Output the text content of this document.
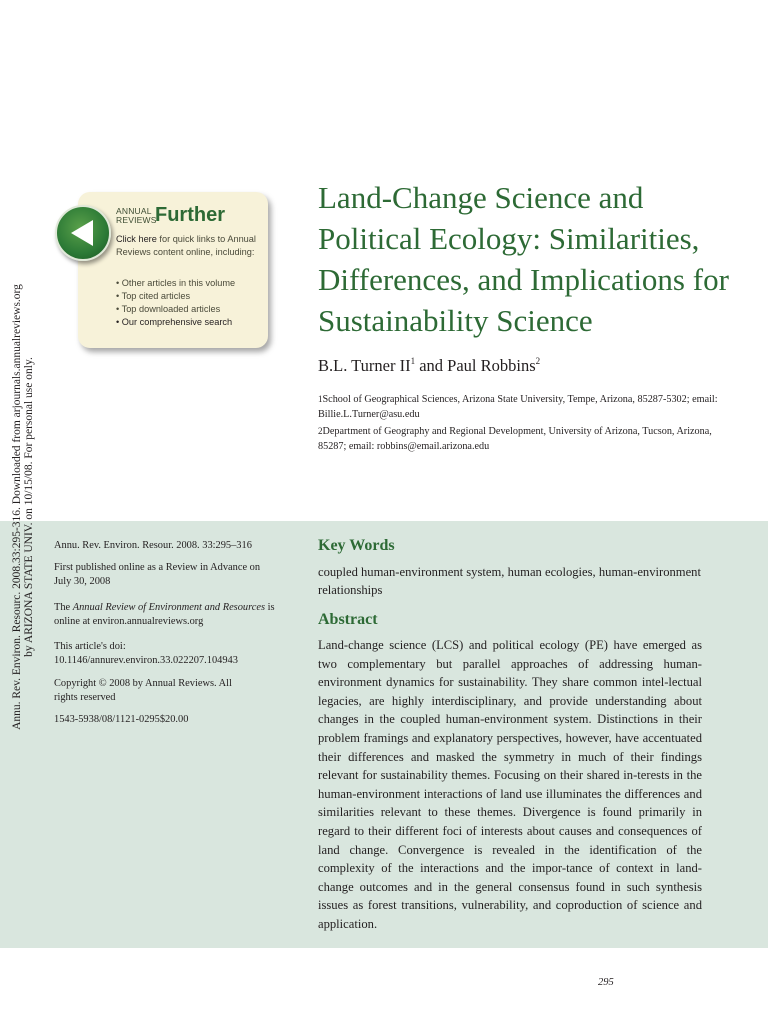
Annu. Rev. Environ. Resourc. 2008.33:295-316. Downloaded from arjournals.annualreviews.org by ARIZONA STATE UNIV. on 10/15/08. For personal use only.
ANNUAL
REVIEWS
Further
Click here for quick links to Annual Reviews content online, including:
• Other articles in this volume
• Top cited articles
• Top downloaded articles
• Our comprehensive search
Land-Change Science and Political Ecology: Similarities, Differences, and Implications for Sustainability Science
B.L. Turner $II^1$ and Paul Robbins$^2$
$^1$School of Geographical Sciences, Arizona State University, Tempe, Arizona, 85287-5302; email: Billie.L.Turner@asu.edu
$^2$Department of Geography and Regional Development, University of Arizona, Tucson, Arizona, 85287; email: robbins@email.arizona.edu
Annu. Rev. Environ. Resour. 2008. 33:295–316
First published online as a Review in Advance on July 30, 2008
The Annual Review of Environment and Resources is online at environ.annualreviews.org
This article's doi:
10.1146/annurev.environ.33.022207.104943
Copyright © 2008 by Annual Reviews. All rights reserved
1543-5938/08/1121-0295$20.00
Key Words
coupled human-environment system, human ecologies, human-environment relationships
Abstract
Land-change science (LCS) and political ecology (PE) have emerged as two complementary but parallel approaches of addressing human-environment dynamics for sustainability. They share common intel-lectual legacies, are highly interdisciplinary, and provide understanding about changes in the coupled human-environment system. Distinctions in their problem framings and explanatory perspectives, however, have accentuated their differences and masked the symmetry in much of their findings relevant for sustainability themes. Focusing on their shared in-terests in the human-environment interactions of land use illuminates the differences and similarities relevant to these themes. Divergence is found primarily in regard to their different foci of interests about causes and consequences of land change. Convergence is revealed in the identification of the complexity of the interactions and the impor-tance of context in land-change outcomes and in the general consensus found in such synthesis issues as forest transitions, vulnerability, and coproduction of science and application.
295
